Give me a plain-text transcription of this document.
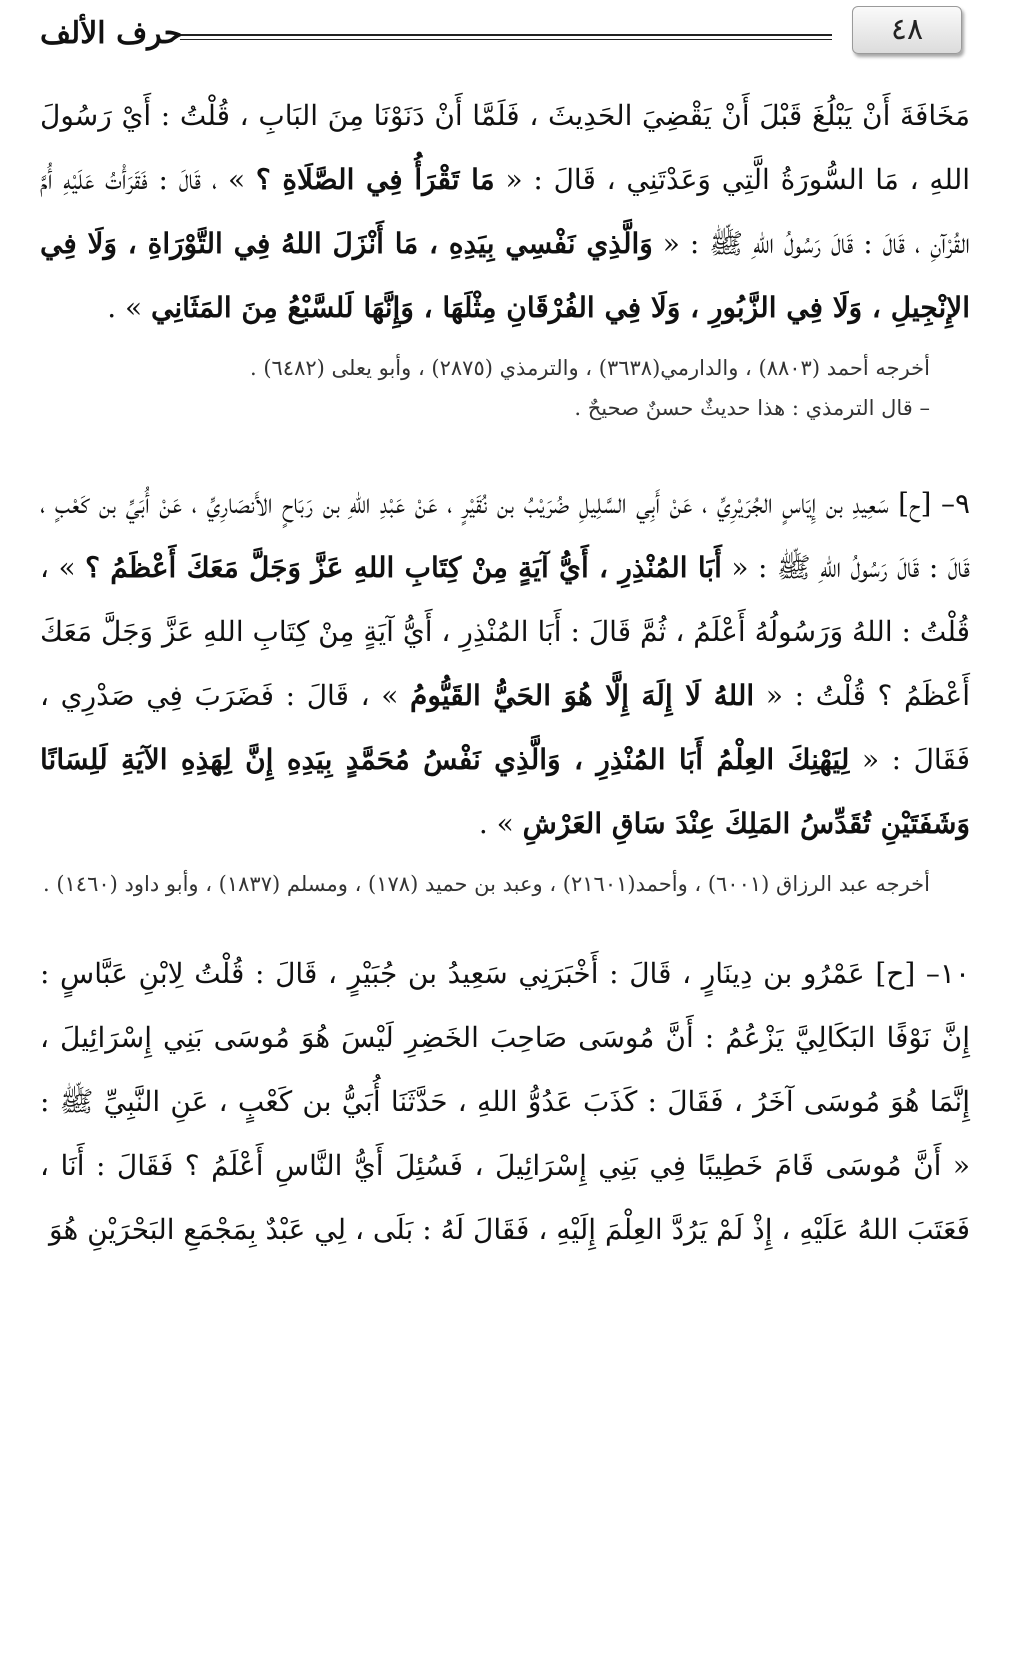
٤٨
حرف الألف

مَخَافَةَ أَنْ يَبْلُغَ قَبْلَ أَنْ يَقْضِيَ الحَدِيثَ ، فَلَمَّا أَنْ دَنَوْنَا مِنَ البَابِ ، قُلْتُ : أَيْ رَسُولَ اللهِ ، مَا السُّورَةُ الَّتِي وَعَدْتَنِي ، قَالَ : « مَا تَقْرَأُ فِي الصَّلَاةِ ؟ » ، قَالَ : فَقَرَأْتُ عَلَيْهِ أُمَّ القُرْآنِ ، قَالَ : قَالَ رَسُولُ اللهِ ﷺ : « وَالَّذِي نَفْسِي بِيَدِهِ ، مَا أَنْزَلَ اللهُ فِي التَّوْرَاةِ ، وَلَا فِي الإِنْجِيلِ ، وَلَا فِي الزَّبُورِ ، وَلَا فِي الفُرْقَانِ مِثْلَهَا ، وَإِنَّهَا لَلسَّبْعُ مِنَ المَثَانِي » .

أخرجه أحمد (٨٨٠٣) ، والدارمي(٣٦٣٨) ، والترمذي (٢٨٧٥) ، وأبو يعلى (٦٤٨٢) .

– قال الترمذي : هذا حديثٌ حسنٌ صحيحٌ .

٩– [ح] سَعِيدِ بن إِيَاسٍ الجُرَيْرِيِّ ، عَنْ أَبِي السَّلِيلِ ضُرَيْبُ بن نُقَيْرٍ ، عَنْ عَبْدِ اللهِ بن رَبَاحٍ الأَنصَارِيِّ ، عَنْ أُبَيِّ بن كَعْبٍ ، قَالَ : قَالَ رَسُولُ اللهِ ﷺ : « أَبَا المُنْذِرِ ، أَيُّ آيَةٍ مِنْ كِتَابِ اللهِ عَزَّ وَجَلَّ مَعَكَ أَعْظَمُ ؟ » ، قُلْتُ : اللهُ وَرَسُولُهُ أَعْلَمُ ، ثُمَّ قَالَ : أَبَا المُنْذِرِ ، أَيُّ آيَةٍ مِنْ كِتَابِ اللهِ عَزَّ وَجَلَّ مَعَكَ أَعْظَمُ ؟ قُلْتُ : « اللهُ لَا إِلَهَ إِلَّا هُوَ الحَيُّ القَيُّومُ » ، قَالَ : فَضَرَبَ فِي صَدْرِي ، فَقَالَ : « لِيَهْنِكَ العِلْمُ أَبَا المُنْذِرِ ، وَالَّذِي نَفْسُ مُحَمَّدٍ بِيَدِهِ إِنَّ لِهَذِهِ الآيَةِ لَلِسَانًا وَشَفَتَيْنِ تُقَدِّسُ المَلِكَ عِنْدَ سَاقِ العَرْشِ » .

أخرجه عبد الرزاق (٦٠٠١) ، وأحمد(٢١٦٠١) ، وعبد بن حميد (١٧٨) ، ومسلم (١٨٣٧) ، وأبو داود (١٤٦٠) .

١٠– [ح] عَمْرُو بن دِينَارٍ ، قَالَ : أَخْبَرَنِي سَعِيدُ بن جُبَيْرٍ ، قَالَ : قُلْتُ لِابْنِ عَبَّاسٍ : إِنَّ نَوْفًا البَكَالِيَّ يَزْعُمُ : أَنَّ مُوسَى صَاحِبَ الخَضِرِ لَيْسَ هُوَ مُوسَى بَنِي إِسْرَائِيلَ ، إِنَّمَا هُوَ مُوسَى آخَرُ ، فَقَالَ : كَذَبَ عَدُوُّ اللهِ ، حَدَّثَنَا أُبَيُّ بن كَعْبٍ ، عَنِ النَّبِيِّ ﷺ : « أَنَّ مُوسَى قَامَ خَطِيبًا فِي بَنِي إِسْرَائِيلَ ، فَسُئِلَ أَيُّ النَّاسِ أَعْلَمُ ؟ فَقَالَ : أَنَا ، فَعَتَبَ اللهُ عَلَيْهِ ، إِذْ لَمْ يَرُدَّ العِلْمَ إِلَيْهِ ، فَقَالَ لَهُ : بَلَى ، لِي عَبْدٌ بِمَجْمَعِ البَحْرَيْنِ هُوَ
